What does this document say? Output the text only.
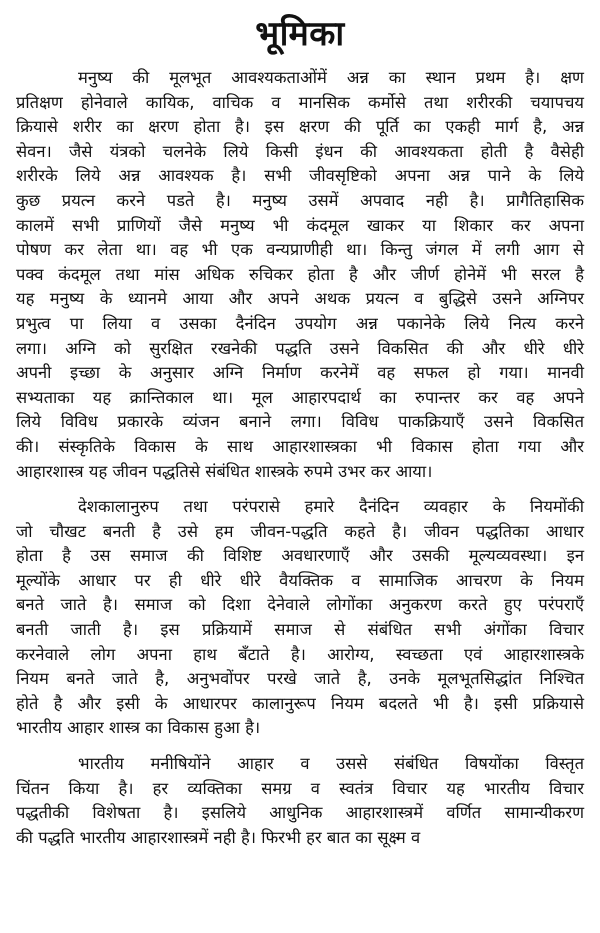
भूमिका
मनुष्य की मूलभूत आवश्यकताओंमें अन्न का स्थान प्रथम है। क्षण
प्रतिक्षण होनेवाले कायिक, वाचिक व मानसिक कर्मोसे तथा शरीरकी चयापचय
क्रियासे शरीर का क्षरण होता है। इस क्षरण की पूर्ति का एकही मार्ग है, अन्न
सेवन। जैसे यंत्रको चलनेके लिये किसी इंधन की आवश्यकता होती है वैसेही
शरीरके लिये अन्न आवश्यक है। सभी जीवसृष्टिको अपना अन्न पाने के लिये
कुछ प्रयत्न करने पडते है। मनुष्य उसमें अपवाद नही है। प्रागैतिहासिक
कालमें सभी प्राणियों जैसे मनुष्य भी कंदमूल खाकर या शिकार कर अपना
पोषण कर लेता था। वह भी एक वन्यप्राणीही था। किन्तु जंगल में लगी आग से
पक्व कंदमूल तथा मांस अधिक रुचिकर होता है और जीर्ण होनेमें भी सरल है
यह मनुष्य के ध्यानमे आया और अपने अथक प्रयत्न व बुद्धिसे उसने अग्निपर
प्रभुत्व पा लिया व उसका दैनंदिन उपयोग अन्न पकानेके लिये नित्य करने
लगा। अग्नि को सुरक्षित रखनेकी पद्धति उसने विकसित की और धीरे धीरे
अपनी इच्छा के अनुसार अग्नि निर्माण करनेमें वह सफल हो गया। मानवी
सभ्यताका यह क्रान्तिकाल था। मूल आहारपदार्थ का रुपान्तर कर वह अपने
लिये विविध प्रकारके व्यंजन बनाने लगा। विविध पाकक्रियाएँ उसने विकसित
की। संस्कृतिके विकास के साथ आहारशास्त्रका भी विकास होता गया और
आहारशास्त्र यह जीवन पद्धतिसे संबंधित शास्त्रके रुपमे उभर कर आया।
देशकालानुरुप तथा परंपरासे हमारे दैनंदिन व्यवहार के नियमोंकी
जो चौखट बनती है उसे हम जीवन-पद्धति कहते है। जीवन पद्धतिका आधार
होता है उस समाज की विशिष्ट अवधारणाएँ और उसकी मूल्यव्यवस्था। इन
मूल्योंके आधार पर ही धीरे धीरे वैयक्तिक व सामाजिक आचरण के नियम
बनते जाते है। समाज को दिशा देनेवाले लोगोंका अनुकरण करते हुए परंपराएँ
बनती जाती है। इस प्रक्रियामें समाज से संबंधित सभी अंगोंका विचार
करनेवाले लोग अपना हाथ बँटाते है। आरोग्य, स्वच्छता एवं आहारशास्त्रके
नियम बनते जाते है, अनुभवोंपर परखे जाते है, उनके मूलभूतसिद्धांत निश्चित
होते है और इसी के आधारपर कालानुरूप नियम बदलते भी है। इसी प्रक्रियासे
भारतीय आहार शास्त्र का विकास हुआ है।
भारतीय मनीषियोंने आहार व उससे संबंधित विषयोंका विस्तृत
चिंतन किया है। हर व्यक्तिका समग्र व स्वतंत्र विचार यह भारतीय विचार
पद्धतीकी विशेषता है। इसलिये आधुनिक आहारशास्त्रमें वर्णित सामान्यीकरण
की पद्धति भारतीय आहारशास्त्रमें नही है। फिरभी हर बात का सूक्ष्म व
